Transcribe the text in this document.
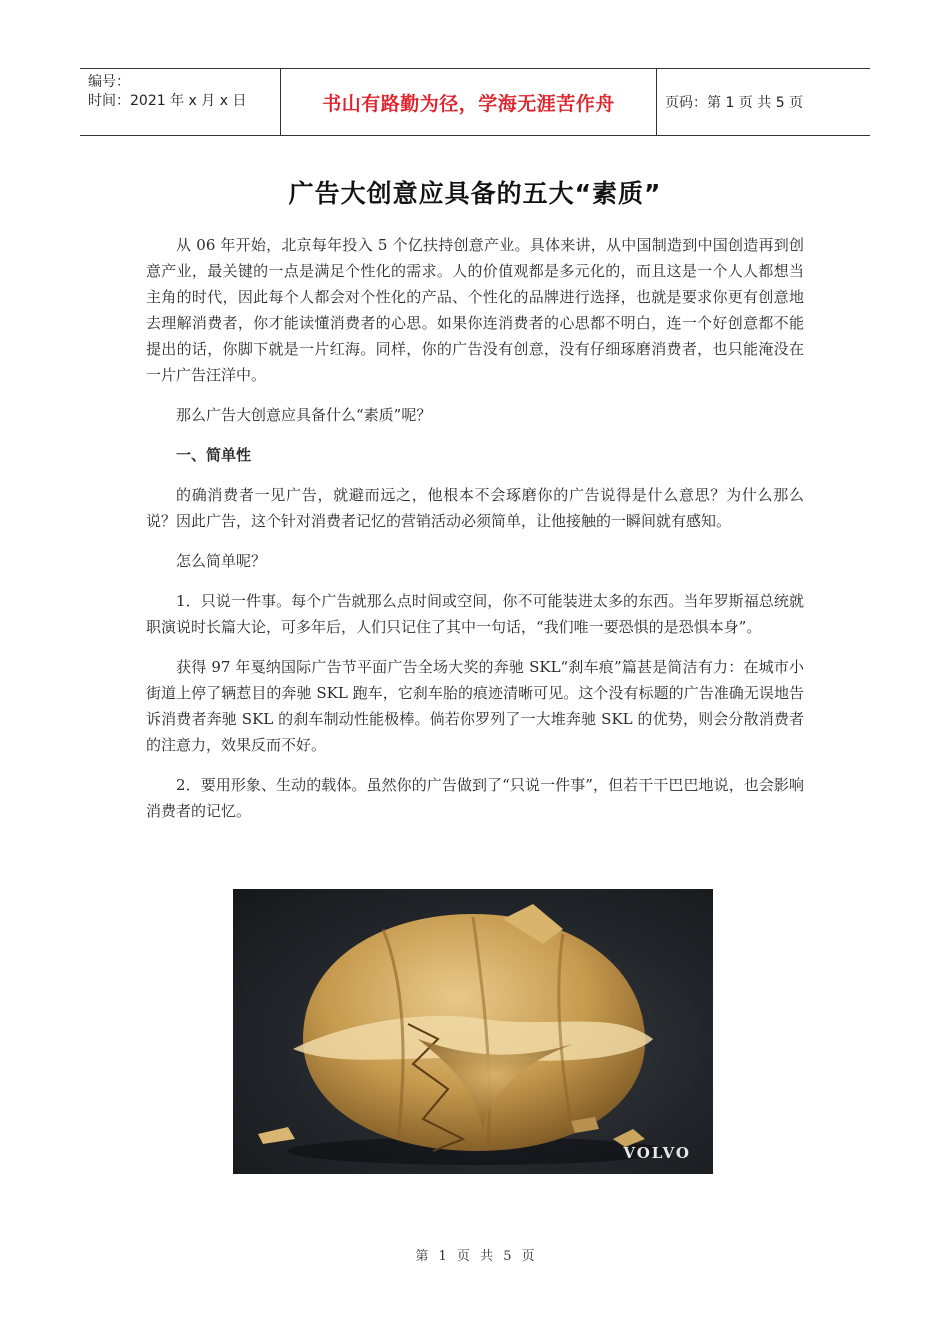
编号：
时间：2021 年 x 月 x 日	书山有路勤为径，学海无涯苦作舟	页码：第 1 页 共 5 页
广告大创意应具备的五大“素质”

从 06 年开始，北京每年投入 5 个亿扶持创意产业。具体来讲，从中国制造到中国创造再到创意产业，最关键的一点是满足个性化的需求。人的价值观都是多元化的，而且这是一个人人都想当主角的时代，因此每个人都会对个性化的产品、个性化的品牌进行选择，也就是要求你更有创意地去理解消费者，你才能读懂消费者的心思。如果你连消费者的心思都不明白，连一个好创意都不能提出的话，你脚下就是一片红海。同样，你的广告没有创意，没有仔细琢磨消费者，也只能淹没在一片广告汪洋中。

那么广告大创意应具备什么“素质”呢？

一、简单性

的确消费者一见广告，就避而远之，他根本不会琢磨你的广告说得是什么意思？为什么那么说？因此广告，这个针对消费者记忆的营销活动必须简单，让他接触的一瞬间就有感知。

怎么简单呢？

1．只说一件事。每个广告就那么点时间或空间，你不可能装进太多的东西。当年罗斯福总统就职演说时长篇大论，可多年后，人们只记住了其中一句话，“我们唯一要恐惧的是恐惧本身”。

获得 97 年戛纳国际广告节平面广告全场大奖的奔驰 SKL“刹车痕”篇甚是简洁有力：在城市小街道上停了辆惹目的奔驰 SKL 跑车，它刹车胎的痕迹清晰可见。这个没有标题的广告准确无误地告诉消费者奔驰 SKL 的刹车制动性能极棒。倘若你罗列了一大堆奔驰 SKL 的优势，则会分散消费者的注意力，效果反而不好。

2．要用形象、生动的载体。虽然你的广告做到了“只说一件事”，但若干干巴巴地说，也会影响消费者的记忆。

VOLVO
第 1 页 共 5 页
